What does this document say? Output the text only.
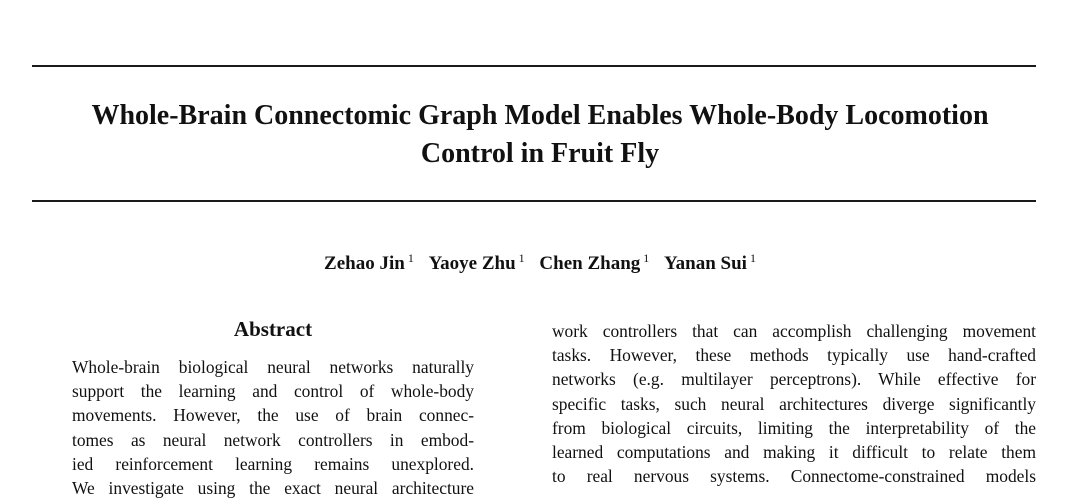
Whole-Brain Connectomic Graph Model Enables Whole-Body Locomotion
Control in Fruit Fly
Zehao Jin $^1$ Yaoye Zhu $^1$ Chen Zhang $^1$ Yanan Sui $^1$
Abstract
Whole-brain biological neural networks naturally
support the learning and control of whole-body
movements. However, the use of brain connec-
tomes as neural network controllers in embod-
ied reinforcement learning remains unexplored.
We investigate using the exact neural architecture
work controllers that can accomplish challenging movement
tasks. However, these methods typically use hand-crafted
networks (e.g. multilayer perceptrons). While effective for
specific tasks, such neural architectures diverge significantly
from biological circuits, limiting the interpretability of the
learned computations and making it difficult to relate them
to real nervous systems. Connectome-constrained models
